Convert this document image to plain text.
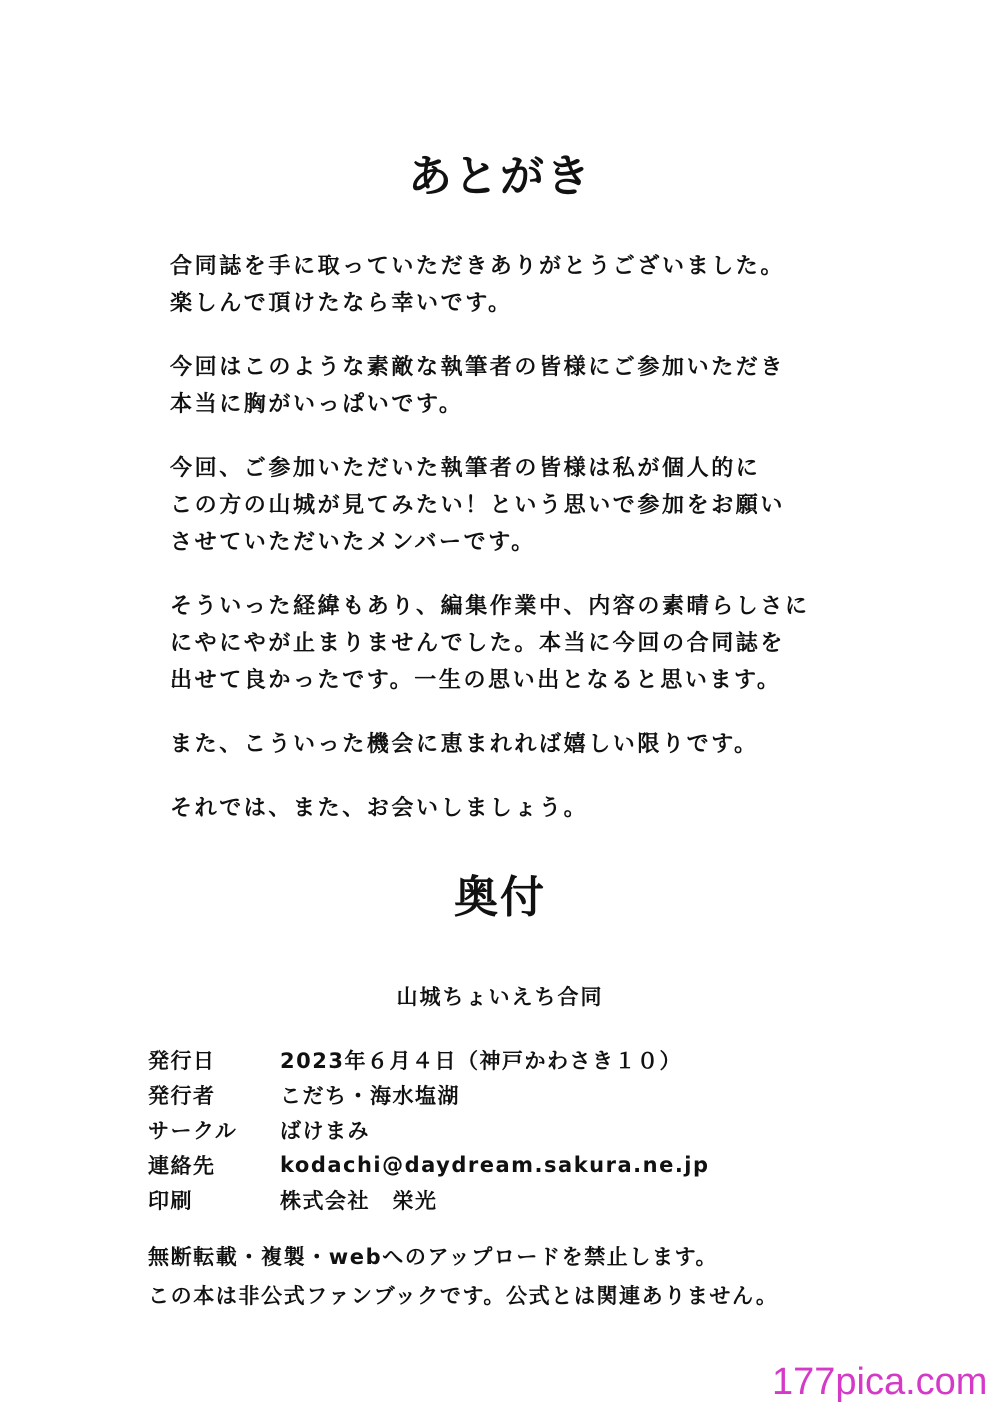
あとがき
合同誌を手に取っていただきありがとうございました。
楽しんで頂けたなら幸いです。
今回はこのような素敵な執筆者の皆様にご参加いただき
本当に胸がいっぱいです。
今回、ご参加いただいた執筆者の皆様は私が個人的に
この方の山城が見てみたい！という思いで参加をお願い
させていただいたメンバーです。
そういった経緯もあり、編集作業中、内容の素晴らしさに
にやにやが止まりませんでした。本当に今回の合同誌を
出せて良かったです。一生の思い出となると思います。
また、こういった機会に恵まれれば嬉しい限りです。
それでは、また、お会いしましょう。
奥付
山城ちょいえち合同
発行日	2023年６月４日（神戸かわさき１０）
発行者	こだち・海水塩湖
サークル	ばけまみ
連絡先	kodachi@daydream.sakura.ne.jp
印刷	株式会社　栄光
無断転載・複製・webへのアップロードを禁止します。
この本は非公式ファンブックです。公式とは関連ありません。
177pica.com
